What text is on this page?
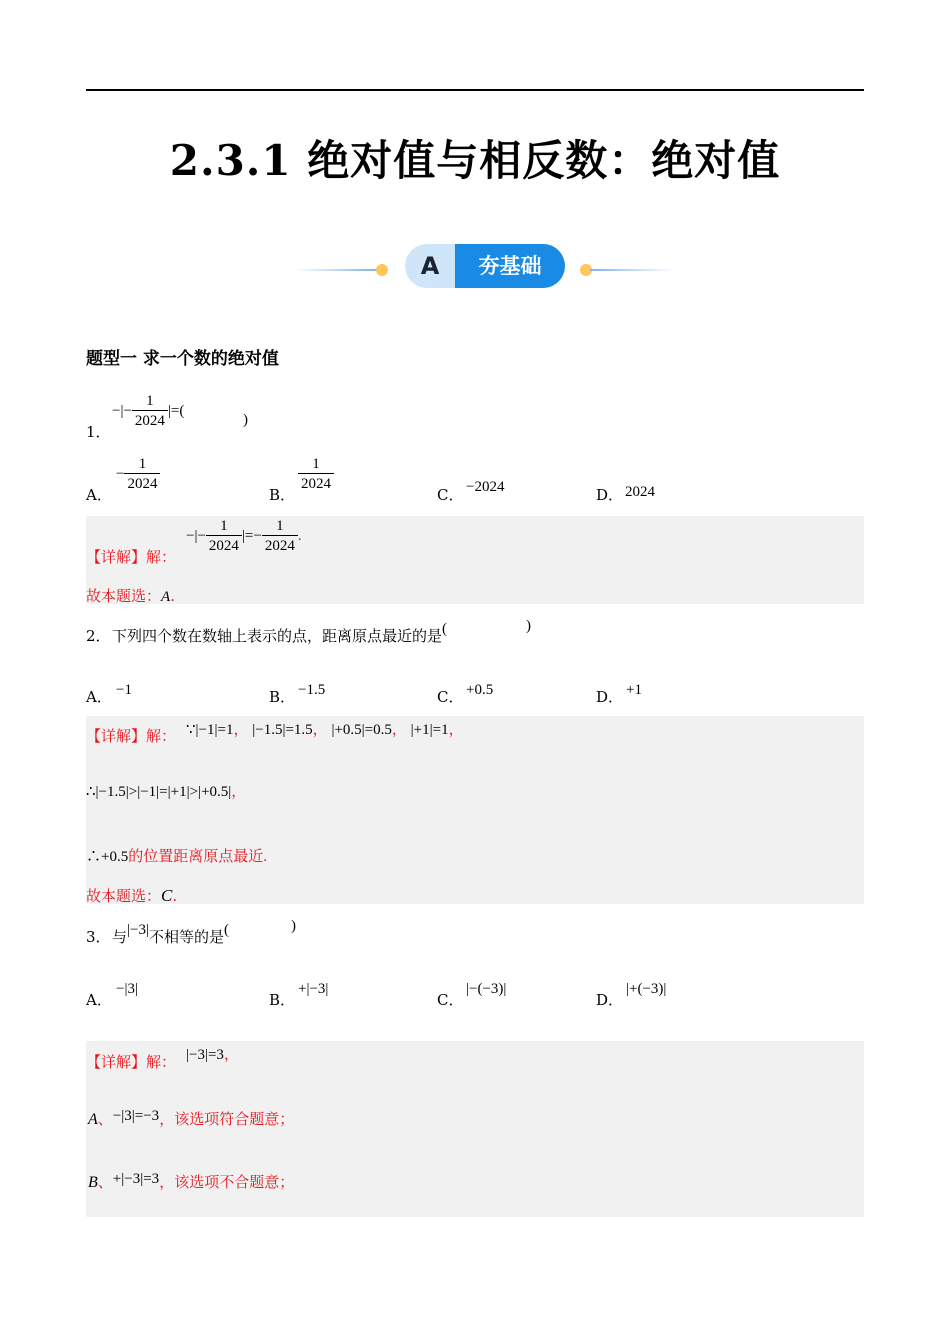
2.3.1 绝对值与相反数：绝对值
A	夯基础
题型一 求一个数的绝对值
1．
−|− $\frac{1}{2024}$ |=(
)
A．
− $\frac{1}{2024}$
B．
$\frac{1}{2024}$
C． −2024	D． 2024
【详解】解：
−|− $\frac{1}{2024}$ |=− $\frac{1}{2024}$ .
故本题选：A.
2． 下列四个数在数轴上表示的点，距离原点最近的是(	)
A． −1	B． −1.5	C． +0.5	D． +1
【详解】解： ∵|−1|=1， |−1.5|=1.5， |+0.5|=0.5， |+1|=1，
∴|−1.5|>|−1|=|+1|>|+0.5|，
∴+0.5的位置距离原点最近.
故本题选：C.
3． 与|−3|不相等的是(	)
A．
−|3|
B．
+|−3|
C．
|−(−3)|
D．
|+(−3)|
【详解】解： |−3|=3，
A、−|3|=−3，该选项符合题意；
B、+|−3|=3，该选项不合题意；
